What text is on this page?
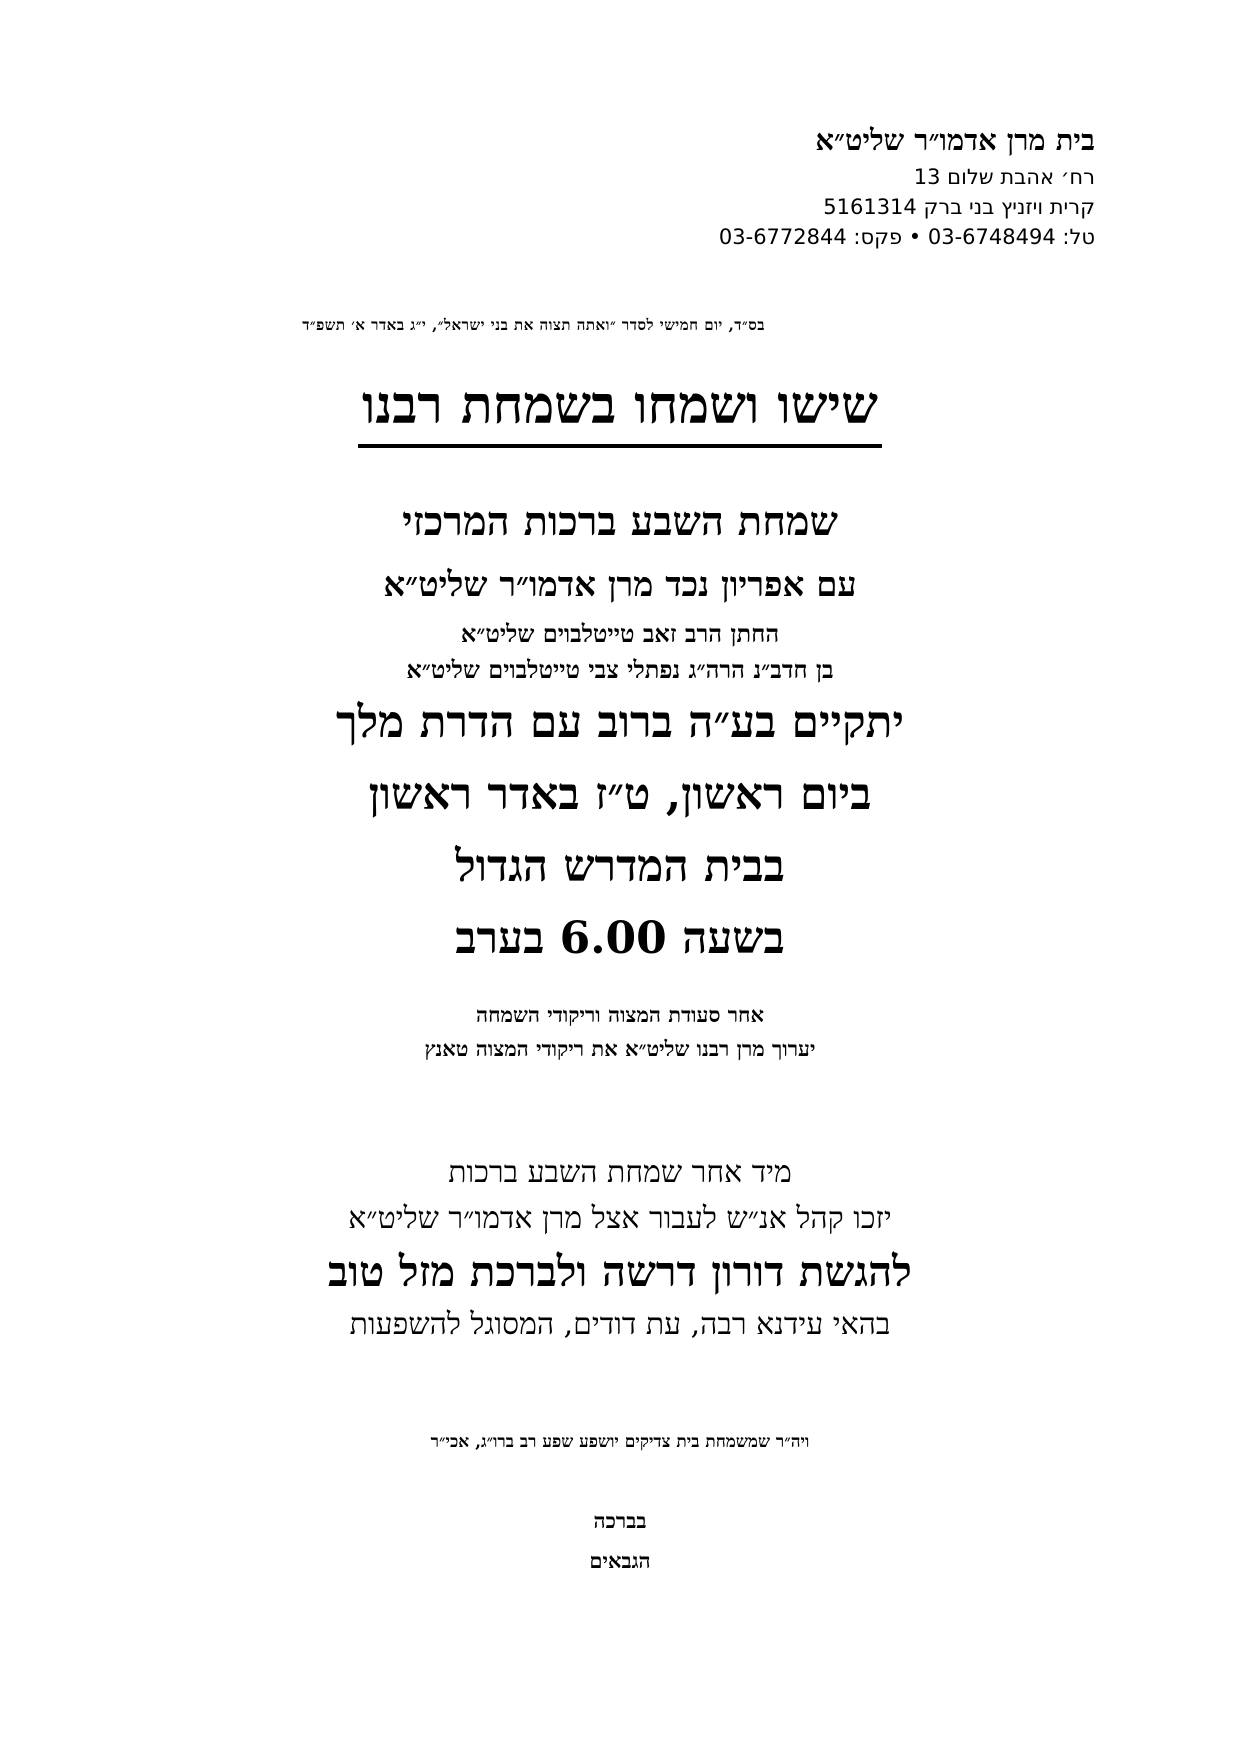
בית מרן אדמו״ר שליט״א

רח׳ אהבת שלום 13

קרית ויזניץ בני ברק 5161314

טל: 03-6748494 • פקס: 03-6772844

בס״ד, יום חמישי לסדר ״ואתה תצוה את בני ישראל״, י״ג באדר א׳ תשפ״ד
שישו ושמחו בשמחת רבנו

שמחת השבע ברכות המרכזי

עם אפריון נכד מרן אדמו״ר שליט״א

החתן הרב זאב טייטלבוים שליט״א

בן חדב״נ הרה״ג נפתלי צבי טייטלבוים שליט״א

יתקיים בע״ה ברוב עם הדרת מלך

ביום ראשון, ט״ז באדר ראשון

בבית המדרש הגדול

בשעה 6.00 בערב

אחר סעודת המצוה וריקודי השמחה

יערוך מרן רבנו שליט״א את ריקודי המצוה טאנץ

מיד אחר שמחת השבע ברכות

יזכו קהל אנ״ש לעבור אצל מרן אדמו״ר שליט״א

להגשת דורון דרשה ולברכת מזל טוב

בהאי עידנא רבה, עת דודים, המסוגל להשפעות

ויה״ר שמשמחת בית צדיקים יושפע שפע רב ברו״ג, אכי״ר

בברכה

הגבאים
